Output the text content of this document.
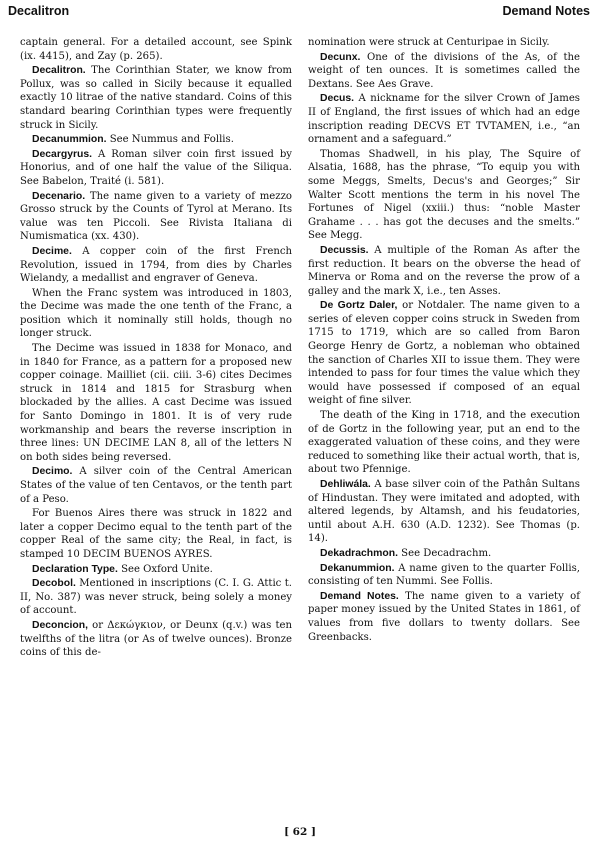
Decalitron	Demand Notes

captain general. For a detailed account, see Spink (ix. 4415), and Zay (p. 265).

Decalitron. The Corinthian Stater, we know from Pollux, was so called in Sicily because it equalled exactly 10 litrae of the native standard. Coins of this standard bearing Corinthian types were frequently struck in Sicily.

Decanummion. See Nummus and Follis.

Decargyrus. A Roman silver coin first issued by Honorius, and of one half the value of the Siliqua. See Babelon, Traité (i. 581).

Decenario. The name given to a variety of mezzo Grosso struck by the Counts of Tyrol at Merano. Its value was ten Piccoli. See Rivista Italiana di Numismatica (xx. 430).

Decime. A copper coin of the first French Revolution, issued in 1794, from dies by Charles Wielandy, a medallist and engraver of Geneva.

When the Franc system was introduced in 1803, the Decime was made the one tenth of the Franc, a position which it nominally still holds, though no longer struck.

The Decime was issued in 1838 for Monaco, and in 1840 for France, as a pattern for a proposed new copper coinage. Mailliet (cii. ciii. 3-6) cites Decimes struck in 1814 and 1815 for Strasburg when blockaded by the allies. A cast Decime was issued for Santo Domingo in 1801. It is of very rude workmanship and bears the reverse inscription in three lines: UN DECIME LAN 8, all of the letters N on both sides being reversed.

Decimo. A silver coin of the Central American States of the value of ten Centavos, or the tenth part of a Peso.

For Buenos Aires there was struck in 1822 and later a copper Decimo equal to the tenth part of the copper Real of the same city; the Real, in fact, is stamped 10 DECIM BUENOS AYRES.

Declaration Type. See Oxford Unite.

Decobol. Mentioned in inscriptions (C. I. G. Attic t. II, No. 387) was never struck, being solely a money of account.

Deconcion, or Δεκώγκιον, or Deunx (q.v.) was ten twelfths of the litra (or As of twelve ounces). Bronze coins of this de-

nomination were struck at Centuripae in Sicily.

Decunx. One of the divisions of the As, of the weight of ten ounces. It is sometimes called the Dextans. See Aes Grave.

Decus. A nickname for the silver Crown of James II of England, the first issues of which had an edge inscription reading DECVS ET TVTAMEN, i.e., “an ornament and a safeguard.”

Thomas Shadwell, in his play, The Squire of Alsatia, 1688, has the phrase, “To equip you with some Meggs, Smelts, Decus's and Georges;” Sir Walter Scott mentions the term in his novel The Fortunes of Nigel (xxiii.) thus: “noble Master Grahame . . . has got the decuses and the smelts.” See Megg.

Decussis. A multiple of the Roman As after the first reduction. It bears on the obverse the head of Minerva or Roma and on the reverse the prow of a galley and the mark X, i.e., ten Asses.

De Gortz Daler, or Notdaler. The name given to a series of eleven copper coins struck in Sweden from 1715 to 1719, which are so called from Baron George Henry de Gortz, a nobleman who obtained the sanction of Charles XII to issue them. They were intended to pass for four times the value which they would have possessed if composed of an equal weight of fine silver.

The death of the King in 1718, and the execution of de Gortz in the following year, put an end to the exaggerated valuation of these coins, and they were reduced to something like their actual worth, that is, about two Pfennige.

Dehliwála. A base silver coin of the Pathân Sultans of Hindustan. They were imitated and adopted, with altered legends, by Altamsh, and his feudatories, until about A.H. 630 (A.D. 1232). See Thomas (p. 14).

Dekadrachmon. See Decadrachm.

Dekanummion. A name given to the quarter Follis, consisting of ten Nummi. See Follis.

Demand Notes. The name given to a variety of paper money issued by the United States in 1861, of values from five dollars to twenty dollars. See Greenbacks.

[ 62 ]
